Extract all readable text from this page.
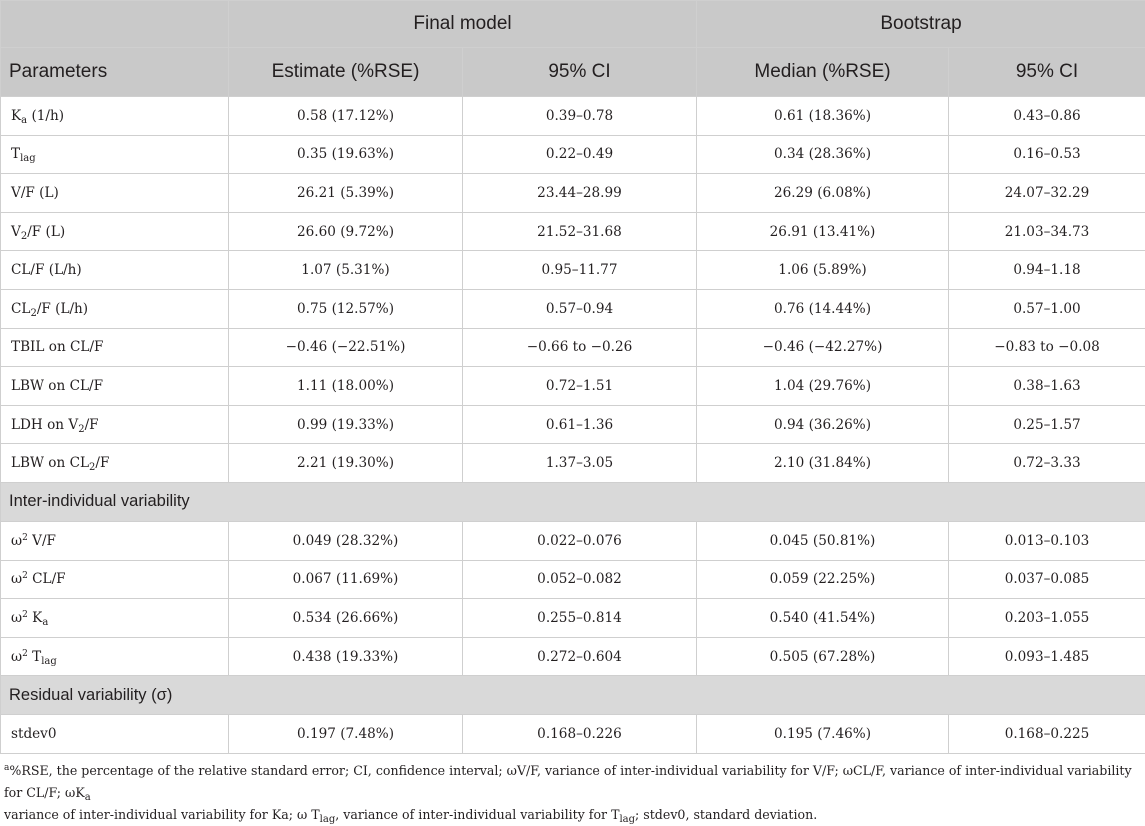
	Final model		Bootstrap	
Parameters	Estimate (%RSE)	95% CI	Median (%RSE)	95% CI
$K_a$ (1/h)	0.58 (17.12%)	0.39–0.78	0.61 (18.36%)	0.43–0.86
$T_{lag}$	0.35 (19.63%)	0.22–0.49	0.34 (28.36%)	0.16–0.53
V/F (L)	26.21 (5.39%)	23.44–28.99	26.29 (6.08%)	24.07–32.29
$V_2/F$ (L)	26.60 (9.72%)	21.52–31.68	26.91 (13.41%)	21.03–34.73
CL/F (L/h)	1.07 (5.31%)	0.95–11.77	1.06 (5.89%)	0.94–1.18
$CL_2/F$ (L/h)	0.75 (12.57%)	0.57–0.94	0.76 (14.44%)	0.57–1.00
TBIL on CL/F	−0.46 (−22.51%)	−0.66 to −0.26	−0.46 (−42.27%)	−0.83 to −0.08
LBW on CL/F	1.11 (18.00%)	0.72–1.51	1.04 (29.76%)	0.38–1.63
LDH on $V_2/F$	0.99 (19.33%)	0.61–1.36	0.94 (36.26%)	0.25–1.57
LBW on $CL_2/F$	2.21 (19.30%)	1.37–3.05	2.10 (31.84%)	0.72–3.33
Inter-individual variability				
$\omega^2$ V/F	0.049 (28.32%)	0.022–0.076	0.045 (50.81%)	0.013–0.103
$\omega^2$ CL/F	0.067 (11.69%)	0.052–0.082	0.059 (22.25%)	0.037–0.085
$\omega^2$ $K_a$	0.534 (26.66%)	0.255–0.814	0.540 (41.54%)	0.203–1.055
$\omega^2$ $T_{lag}$	0.438 (19.33%)	0.272–0.604	0.505 (67.28%)	0.093–1.485
Residual variability (σ)				
stdev0	0.197 (7.48%)	0.168–0.226	0.195 (7.46%)	0.168–0.225
$^a$%RSE, the percentage of the relative standard error; CI, confidence interval; ωV/F, variance of inter-individual variability for V/F; ωCL/F, variance of inter-individual variability for CL/F; $\omega K_a$
variance of inter-individual variability for Ka; ω $T_{lag}$, variance of inter-individual variability for $T_{lag}$; stdev0, standard deviation.
